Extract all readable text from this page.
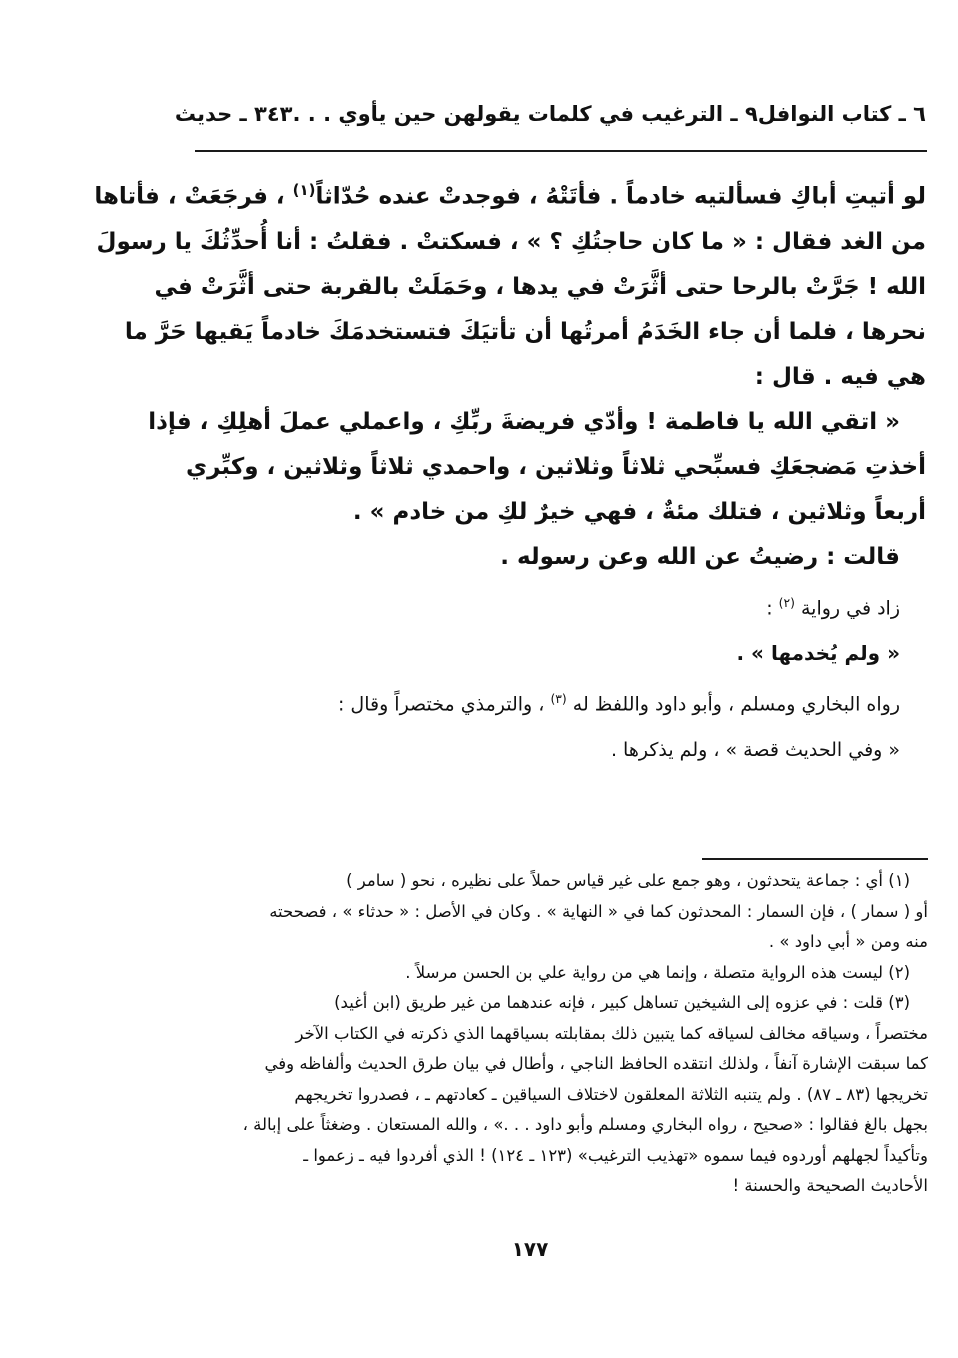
٦ ـ كتاب النوافل
٩ ـ الترغيب في كلمات يقولهن حين يأوي . . .
٣٤٣ ـ حديث

لو أتيتِ أباكِ فسألتيه خادماً . فأتَتْهُ ، فوجدتْ عنده حُدّاثاً$^{(١)}$ ، فرجَعَتْ ، فأتاها
من الغد فقال : « ما كان حاجتُكِ ؟ » ، فسكتتْ . فقلتُ : أنا أُحدِّثُكَ يا رسولَ
الله ! جَرَّتْ بالرحا حتى أثَّرَتْ في يدها ، وحَمَلَتْ بالقربة حتى أثَّرَتْ في
نحرها ، فلما أن جاء الخَدَمُ أمرتُها أن تأتيَكَ فتستخدمَكَ خادماً يَقيها حَرَّ ما
هي فيه . قال :

« اتقي الله يا فاطمة ! وأدّي فريضةَ ربِّكِ ، واعملي عملَ أهلِكِ ، فإذا
أخذتِ مَضجعَكِ فسبِّحي ثلاثاً وثلاثين ، واحمدي ثلاثاً وثلاثين ، وكبِّري
أربعاً وثلاثين ، فتلك مئةٌ ، فهي خيرٌ لكِ من خادم » .

قالت : رضيتُ عن الله وعن رسوله .

زاد في رواية $^{(٢)}$ :

« ولم يُخدمها » .

رواه البخاري ومسلم ، وأبو داود واللفظ له $^{(٣)}$ ، والترمذي مختصراً وقال :

« وفي الحديث قصة » ، ولم يذكرها .

(١) أي : جماعة يتحدثون ، وهو جمع على غير قياس حملاً على نظيره ، نحو ( سامر )
أو ( سمار ) ، فإن السمار : المحدثون كما في « النهاية » . وكان في الأصل : « حدثاء » ، فصححته
منه ومن « أبي داود » .
(٢) ليست هذه الرواية متصلة ، وإنما هي من رواية علي بن الحسن مرسلاً .
(٣) قلت : في عزوه إلى الشيخين تساهل كبير ، فإنه عندهما من غير طريق (ابن أغيد)
مختصراً ، وسياقه مخالف لسياقه كما يتبين ذلك بمقابلته بسياقهما الذي ذكرته في الكتاب الآخر
كما سبقت الإشارة آنفاً ، ولذلك انتقده الحافظ الناجي ، وأطال في بيان طرق الحديث وألفاظه وفي
تخريجها (٨٣ ـ ٨٧) . ولم يتنبه الثلاثة المعلقون لاختلاف السياقين ـ كعادتهم ـ ، فصدروا تخريجهم
بجهل بالغ فقالوا : «صحيح ، رواه البخاري ومسلم وأبو داود . . .» ، والله المستعان . وضغثاً على إبالة ،
وتأكيداً لجهلهم أوردوه فيما سموه «تهذيب الترغيب» (١٢٣ ـ ١٢٤) ! الذي أفردوا فيه ـ زعموا ـ
الأحاديث الصحيحة والحسنة !
١٧٧
